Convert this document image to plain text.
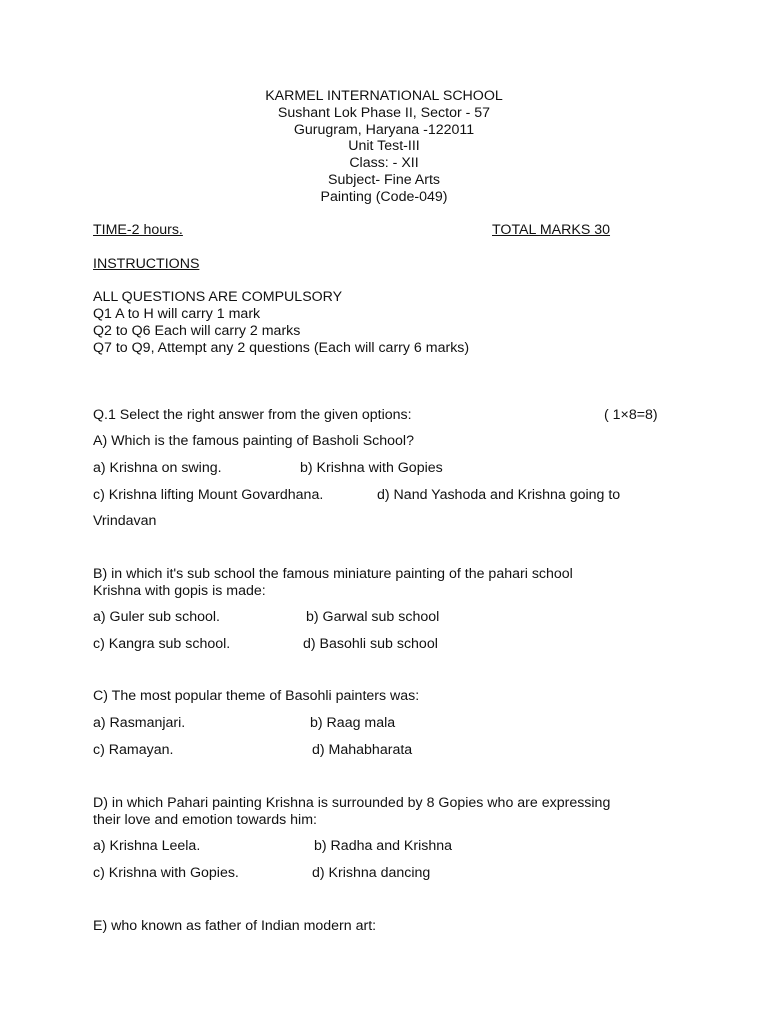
KARMEL INTERNATIONAL SCHOOL
Sushant Lok Phase II, Sector - 57
Gurugram, Haryana -122011
Unit Test-III
Class: - XII
Subject- Fine Arts
Painting (Code-049)
TIME-2 hours.	TOTAL MARKS 30
INSTRUCTIONS
ALL QUESTIONS ARE COMPULSORY
Q1 A to H will carry 1 mark
Q2 to Q6 Each will carry 2 marks
Q7 to Q9, Attempt any 2 questions (Each will carry 6 marks)
Q.1 Select the right answer from the given options:	( 1×8=8)
A) Which is the famous painting of Basholi School?
a) Krishna on swing.	b) Krishna with Gopies
c) Krishna lifting Mount Govardhana.	d) Nand Yashoda and Krishna going to
Vrindavan
B) in which it's sub school the famous miniature painting of the pahari school
Krishna with gopis is made:
a) Guler sub school.	b) Garwal sub school
c) Kangra sub school.	d) Basohli sub school
C) The most popular theme of Basohli painters was:
a) Rasmanjari.	b) Raag mala
c) Ramayan.	d) Mahabharata
D) in which Pahari painting Krishna is surrounded by 8 Gopies who are expressing
their love and emotion towards him:
a) Krishna Leela.	b) Radha and Krishna
c) Krishna with Gopies.	d) Krishna dancing
E) who known as father of Indian modern art:
